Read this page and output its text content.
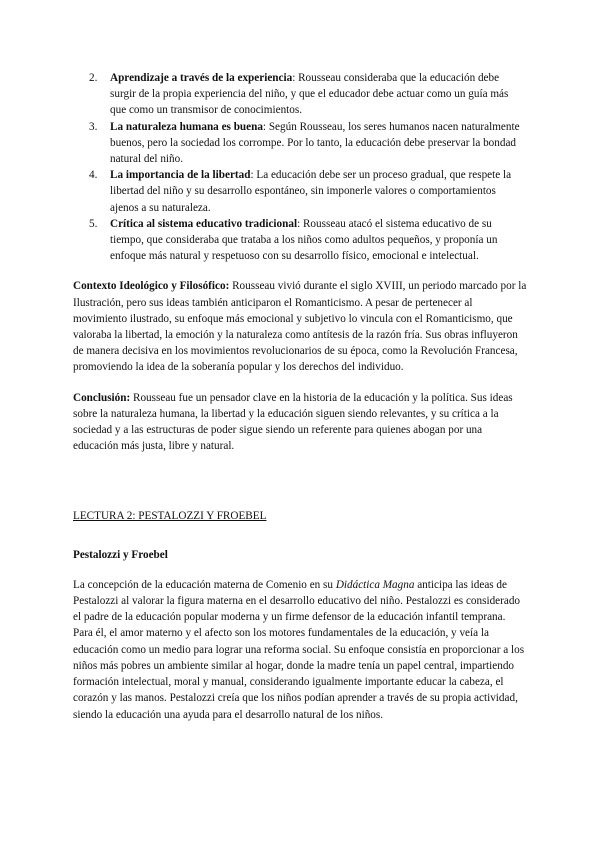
2. Aprendizaje a través de la experiencia: Rousseau consideraba que la educación debe surgir de la propia experiencia del niño, y que el educador debe actuar como un guía más que como un transmisor de conocimientos.
3. La naturaleza humana es buena: Según Rousseau, los seres humanos nacen naturalmente buenos, pero la sociedad los corrompe. Por lo tanto, la educación debe preservar la bondad natural del niño.
4. La importancia de la libertad: La educación debe ser un proceso gradual, que respete la libertad del niño y su desarrollo espontáneo, sin imponerle valores o comportamientos ajenos a su naturaleza.
5. Crítica al sistema educativo tradicional: Rousseau atacó el sistema educativo de su tiempo, que consideraba que trataba a los niños como adultos pequeños, y proponía un enfoque más natural y respetuoso con su desarrollo físico, emocional e intelectual.

Contexto Ideológico y Filosófico: Rousseau vivió durante el siglo XVIII, un periodo marcado por la Ilustración, pero sus ideas también anticiparon el Romanticismo. A pesar de pertenecer al movimiento ilustrado, su enfoque más emocional y subjetivo lo vincula con el Romanticismo, que valoraba la libertad, la emoción y la naturaleza como antítesis de la razón fría. Sus obras influyeron de manera decisiva en los movimientos revolucionarios de su época, como la Revolución Francesa, promoviendo la idea de la soberanía popular y los derechos del individuo.

Conclusión: Rousseau fue un pensador clave en la historia de la educación y la política. Sus ideas sobre la naturaleza humana, la libertad y la educación siguen siendo relevantes, y su crítica a la sociedad y a las estructuras de poder sigue siendo un referente para quienes abogan por una educación más justa, libre y natural.

LECTURA 2: PESTALOZZI Y FROEBEL

Pestalozzi y Froebel

La concepción de la educación materna de Comenio en su Didáctica Magna anticipa las ideas de Pestalozzi al valorar la figura materna en el desarrollo educativo del niño. Pestalozzi es considerado el padre de la educación popular moderna y un firme defensor de la educación infantil temprana. Para él, el amor materno y el afecto son los motores fundamentales de la educación, y veía la educación como un medio para lograr una reforma social. Su enfoque consistía en proporcionar a los niños más pobres un ambiente similar al hogar, donde la madre tenía un papel central, impartiendo formación intelectual, moral y manual, considerando igualmente importante educar la cabeza, el corazón y las manos. Pestalozzi creía que los niños podían aprender a través de su propia actividad, siendo la educación una ayuda para el desarrollo natural de los niños.
